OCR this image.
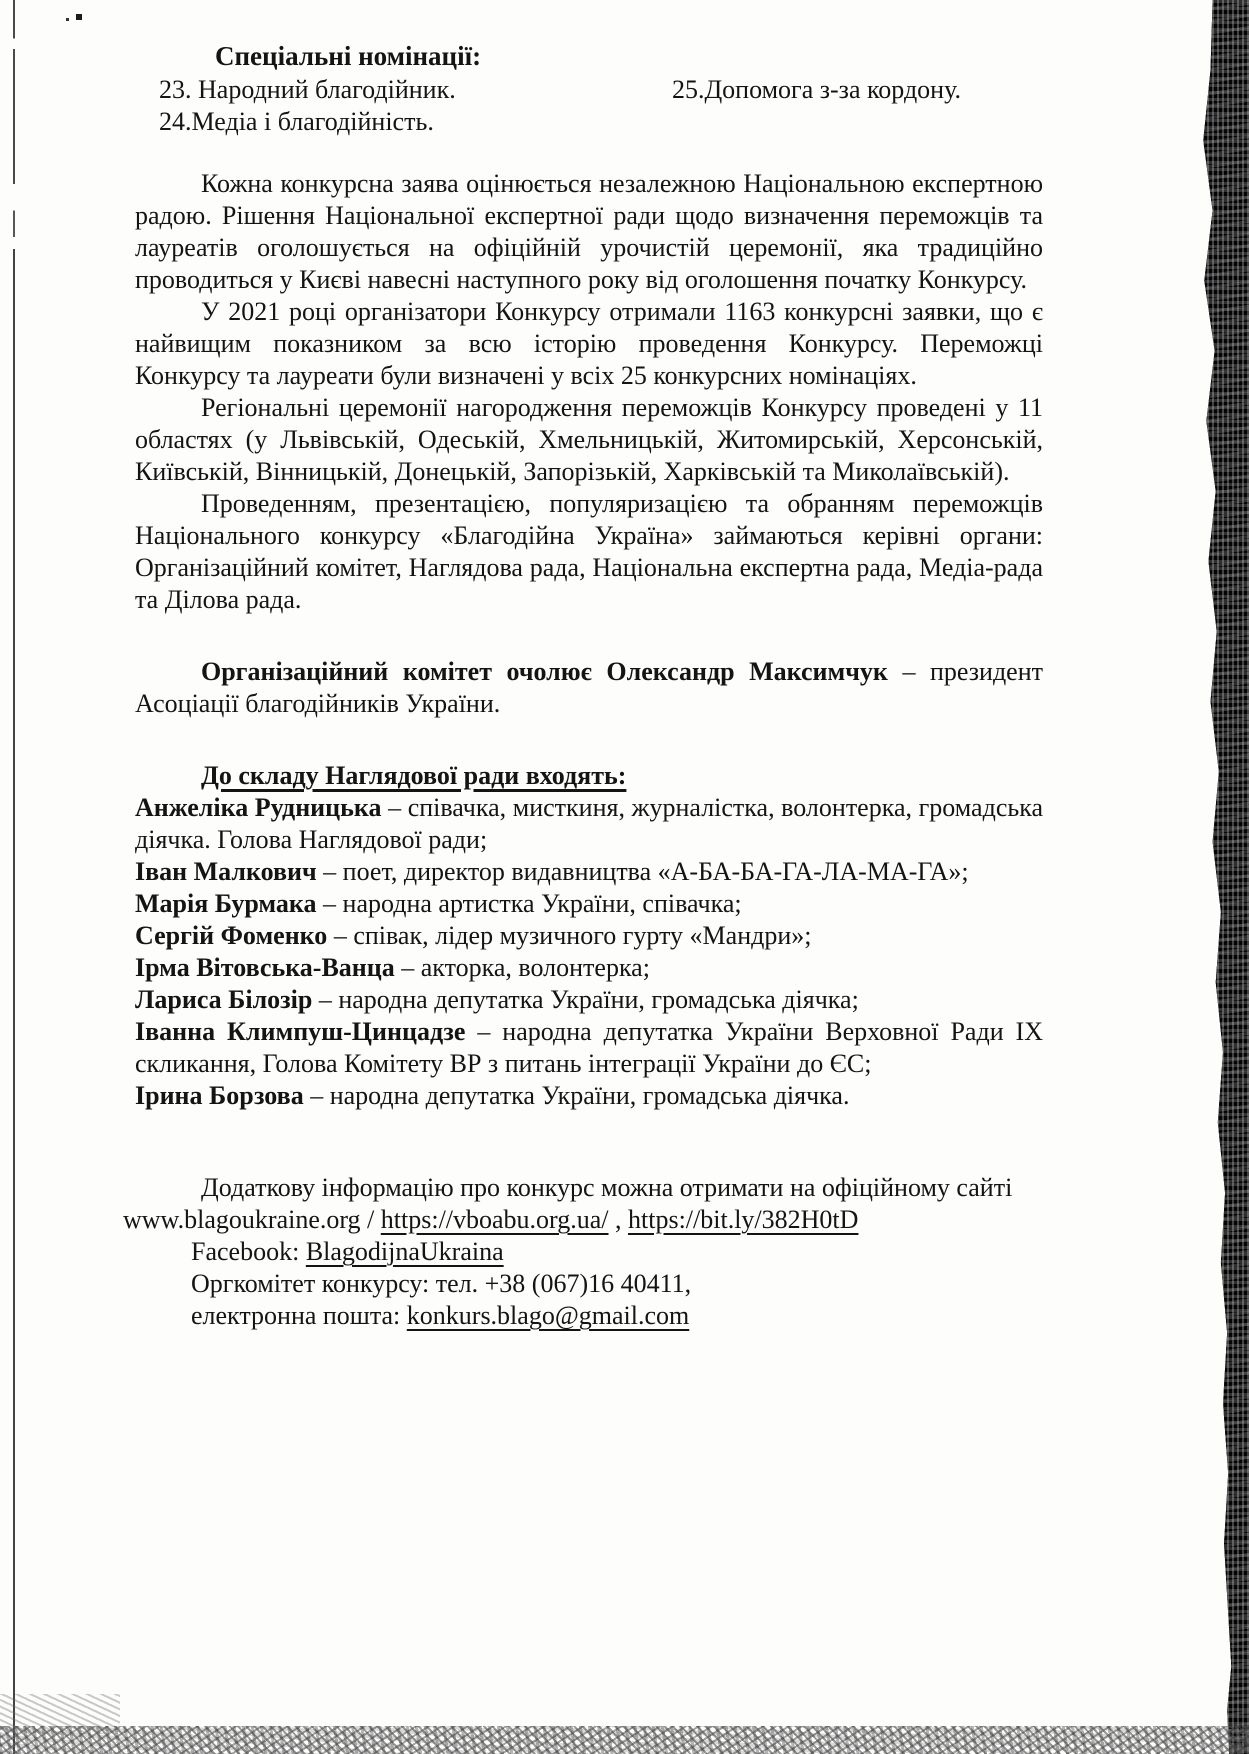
Спеціальні номінації:

23. Народний благодійник.	25.Допомога з-за кордону.

24.Медіа і благодійність.

Кожна конкурсна заява оцінюється незалежною Національною експертною радою. Рішення Національної експертної ради щодо визначення переможців та лауреатів оголошується на офіційній урочистій церемонії, яка традиційно проводиться у Києві навесні наступного року від оголошення початку Конкурсу.

У 2021 році організатори Конкурсу отримали 1163 конкурсні заявки, що є найвищим показником за всю історію проведення Конкурсу. Переможці Конкурсу та лауреати були визначені у всіх 25 конкурсних номінаціях.

Регіональні церемонії нагородження переможців Конкурсу проведені у 11 областях (у Львівській, Одеській, Хмельницькій, Житомирській, Херсонській, Київській, Вінницькій, Донецькій, Запорізькій, Харківській та Миколаївській).

Проведенням, презентацією, популяризацією та обранням переможців Національного конкурсу «Благодійна Україна» займаються керівні органи: Організаційний комітет, Наглядова рада, Національна експертна рада, Медіа-рада та Ділова рада.

Організаційний комітет очолює Олександр Максимчук – президент Асоціації благодійників України.

До складу Наглядової ради входять:

Анжеліка Рудницька – співачка, мисткиня, журналістка, волонтерка, громадська діячка. Голова Наглядової ради;

Іван Малкович – поет, директор видавництва «А-БА-БА-ГА-ЛА-МА-ГА»;

Марія Бурмака – народна артистка України, співачка;

Сергій Фоменко – співак, лідер музичного гурту «Мандри»;

Ірма Вітовська-Ванца – акторка, волонтерка;

Лариса Білозір – народна депутатка України, громадська діячка;

Іванна Климпуш-Цинцадзе – народна депутатка України Верховної Ради IX скликання, Голова Комітету ВР з питань інтеграції України до ЄС;

Ірина Борзова – народна депутатка України, громадська діячка.

Додаткову інформацію про конкурс можна отримати на офіційному сайті

www.blagoukraine.org / https://vboabu.org.ua/ , https://bit.ly/382H0tD

Facebook: BlagodijnaUkraina

Оргкомітет конкурсу: тел. +38 (067)16 40411,

електронна пошта: konkurs.blago@gmail.com
